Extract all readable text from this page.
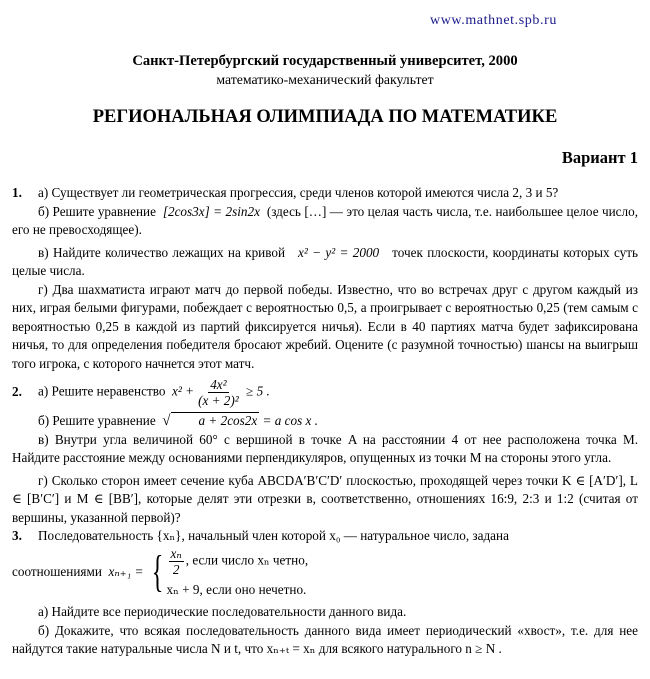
www.mathnet.spb.ru
Санкт-Петербургский государственный университет, 2000
математико-механический факультет
РЕГИОНАЛЬНАЯ ОЛИМПИАДА ПО МАТЕМАТИКЕ
Вариант 1

1. а) Существует ли геометрическая прогрессия, среди членов которой имеются числа 2, 3 и 5?

б) Решите уравнение [2cos3x] = 2sin2x (здесь […] — это целая часть числа, т.е. наибольшее целое число, его не превосходящее).

в) Найдите количество лежащих на кривой x² − y² = 2000 точек плоскости, координаты которых суть целые числа.

г) Два шахматиста играют матч до первой победы. Известно, что во встречах друг с другом каждый из них, играя белыми фигурами, побеждает с вероятностью 0,5, а проигрывает с вероятностью 0,25 (тем самым с вероятностью 0,25 в каждой из партий фиксируется ничья). Если в 40 партиях матча будет зафиксирована ничья, то для определения победителя бросают жребий. Оцените (с разумной точностью) шансы на выигрыш того игрока, с которого начнется этот матч.

2. а) Решите неравенство $x^2 + \frac{\text{4x²}}{\text{(x + 2)²}} \ge 5$ .

б) Решите уравнение √ a + 2cos2x = a cos x .

в) Внутри угла величиной 60° с вершиной в точке A на расстоянии 4 от нее расположена точка M. Найдите расстояние между основаниями перпендикуляров, опущенных из точки M на стороны этого угла.

г) Сколько сторон имеет сечение куба ABCDA′B′C′D′ плоскостью, проходящей через точки K ∈ [A′D′], L ∈ [B′C′] и M ∈ [BB′], которые делят эти отрезки в, соответственно, отношениях 16:9, 2:3 и 1:2 (считая от вершины, указанной первой)?

3. Последовательность {xₙ}, начальный член которой x₀ — натуральное число, задана

соотношениями
xₙ₊₁ = { $\frac{\text{xₙ}}{2}$ , если число xₙ четно,
xₙ + 9, если оно нечетно.

а) Найдите все периодические последовательности данного вида.

б) Докажите, что всякая последовательность данного вида имеет периодический «хвост», т.е. для нее найдутся такие натуральные числа N и t, что xₙ₊ₜ = xₙ для всякого натурального n ≥ N .
